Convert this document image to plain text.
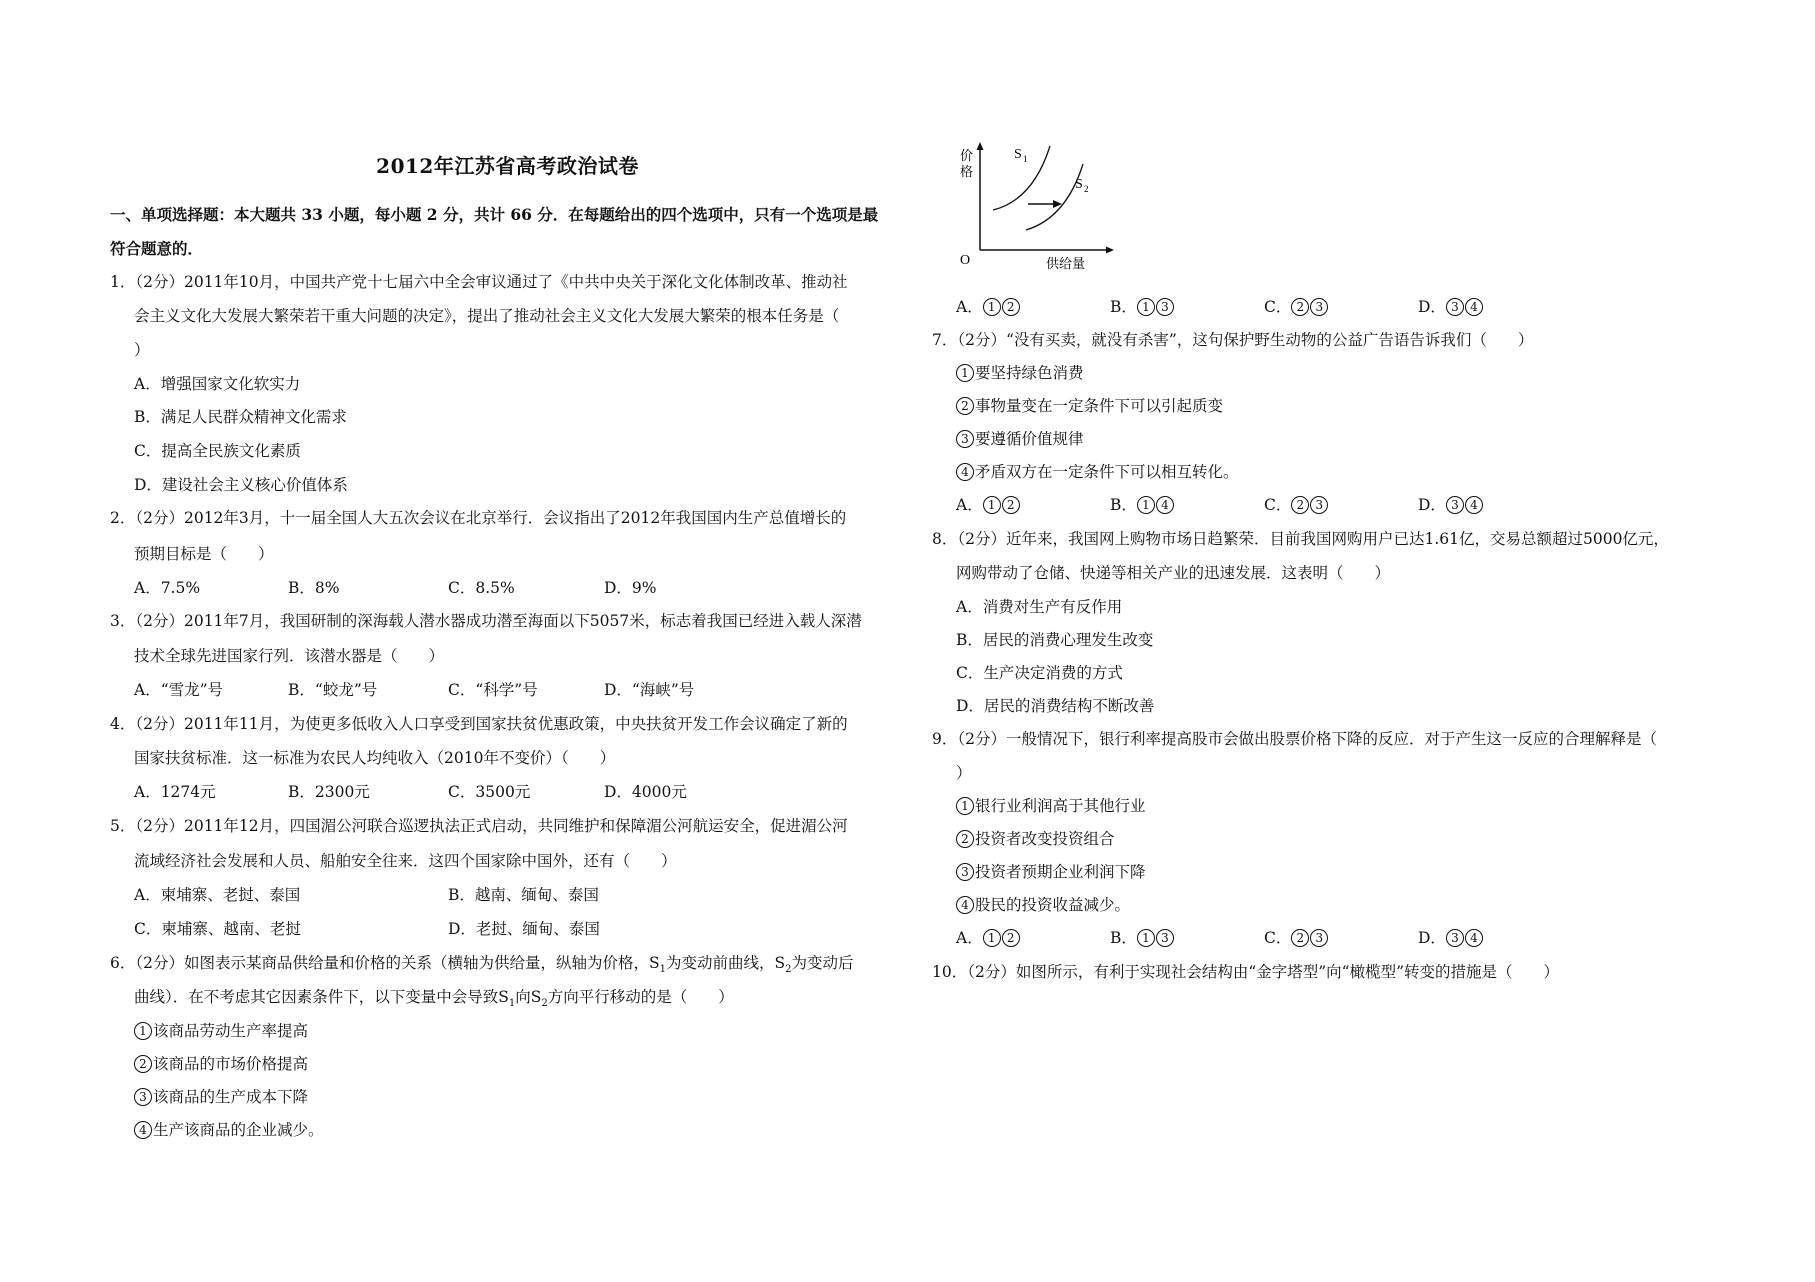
2012年江苏省高考政治试卷
一、单项选择题：本大题共 33 小题，每小题 2 分，共计 66 分．在每题给出的四个选项中，只有一个选项是最
符合题意的．
1．（2分）2011年10月，中国共产党十七届六中全会审议通过了《中共中央关于深化文化体制改革、推动社
会主义文化大发展大繁荣若干重大问题的决定》，提出了推动社会主义文化大发展大繁荣的根本任务是（
）
A．增强国家文化软实力
B．满足人民群众精神文化需求
C．提高全民族文化素质
D．建设社会主义核心价值体系
2．（2分）2012年3月，十一届全国人大五次会议在北京举行．会议指出了2012年我国国内生产总值增长的
预期目标是（　　）
A．7.5%	B．8%	C．8.5%	D．9%
3．（2分）2011年7月，我国研制的深海载人潜水器成功潜至海面以下5057米，标志着我国已经进入载人深潜
技术全球先进国家行列．该潜水器是（　　）
A．“雪龙”号	B．“蛟龙”号	C．“科学”号	D．“海峡”号
4．（2分）2011年11月，为使更多低收入人口享受到国家扶贫优惠政策，中央扶贫开发工作会议确定了新的
国家扶贫标准．这一标准为农民人均纯收入（2010年不变价）（　　）
A．1274元	B．2300元	C．3500元	D．4000元
5．（2分）2011年12月，四国湄公河联合巡逻执法正式启动，共同维护和保障湄公河航运安全，促进湄公河
流域经济社会发展和人员、船舶安全往来．这四个国家除中国外，还有（　　）
A．柬埔寨、老挝、泰国	B．越南、缅甸、泰国
C．柬埔寨、越南、老挝	D．老挝、缅甸、泰国
6．（2分）如图表示某商品供给量和价格的关系（横轴为供给量，纵轴为价格，$S_1$为变动前曲线，$S_2$为变动后
曲线）．在不考虑其它因素条件下，以下变量中会导致$S_1$向$S_2$方向平行移动的是（　　）
1 该商品劳动生产率提高
2 该商品的市场价格提高
3 该商品的生产成本下降
4 生产该商品的企业减少。
价
格
O	供给量
S 1
S 2
A． 1 2	B． 1 3	C． 2 3	D． 3 4
7．（2分）“没有买卖，就没有杀害”，这句保护野生动物的公益广告语告诉我们（　　）
1 要坚持绿色消费
2 事物量变在一定条件下可以引起质变
3 要遵循价值规律
4 矛盾双方在一定条件下可以相互转化。
A． 1 2	B． 1 4	C． 2 3	D． 3 4
8．（2分）近年来，我国网上购物市场日趋繁荣．目前我国网购用户已达1.61亿，交易总额超过5000亿元，
网购带动了仓储、快递等相关产业的迅速发展．这表明（　　）
A．消费对生产有反作用
B．居民的消费心理发生改变
C．生产决定消费的方式
D．居民的消费结构不断改善
9．（2分）一般情况下，银行利率提高股市会做出股票价格下降的反应．对于产生这一反应的合理解释是（
）
1 银行业利润高于其他行业
2 投资者改变投资组合
3 投资者预期企业利润下降
4 股民的投资收益减少。
A． 1 2	B． 1 3	C． 2 3	D． 3 4
10．（2分）如图所示，有利于实现社会结构由“金字塔型”向“橄榄型”转变的措施是（　　）
